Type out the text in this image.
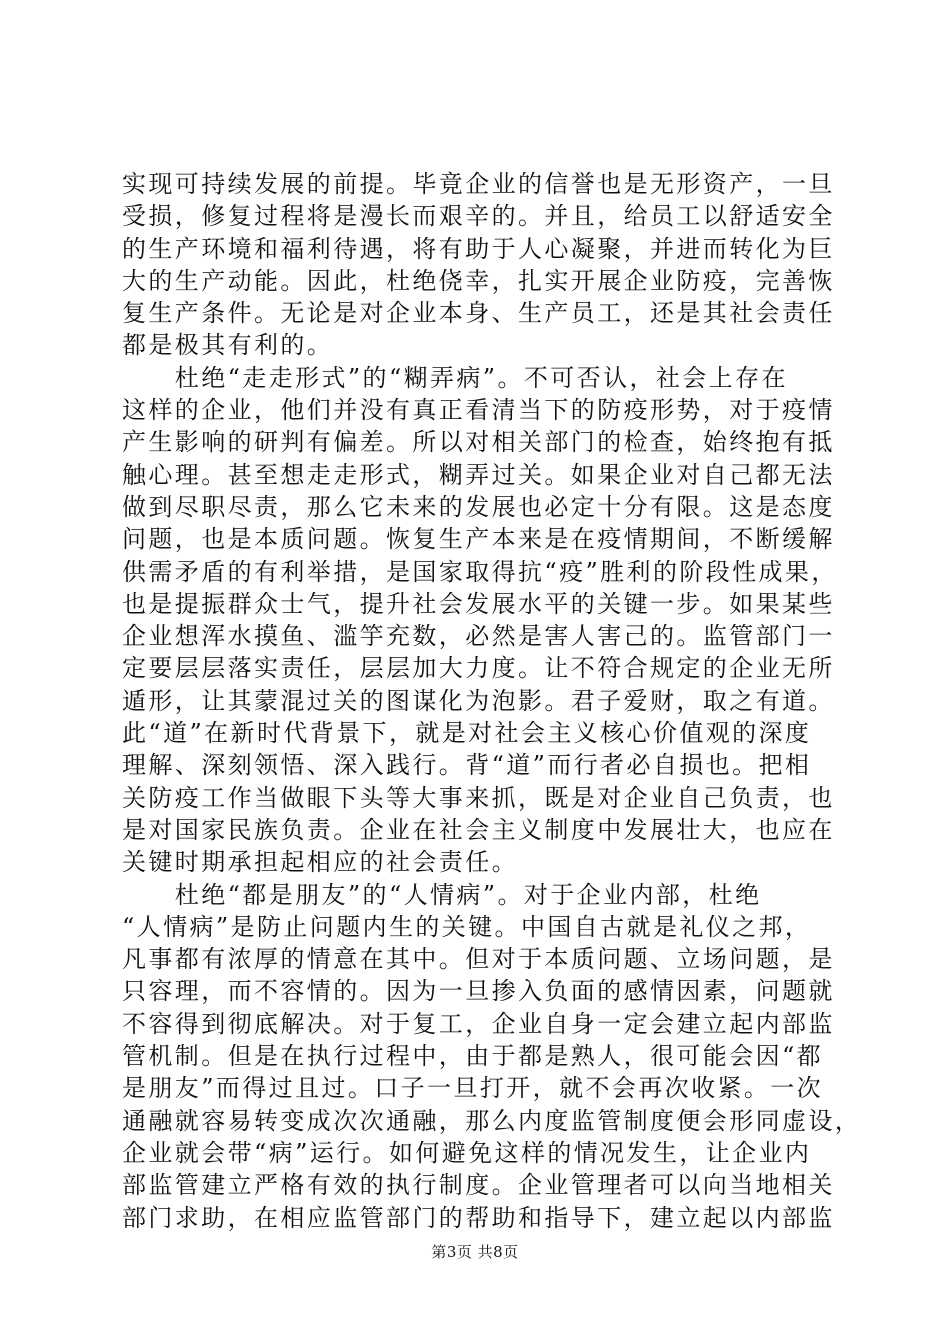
实现可持续发展的前提。毕竟企业的信誉也是无形资产，一旦
受损，修复过程将是漫长而艰辛的。并且，给员工以舒适安全
的生产环境和福利待遇，将有助于人心凝聚，并进而转化为巨
大的生产动能。因此，杜绝侥幸，扎实开展企业防疫，完善恢
复生产条件。无论是对企业本身、生产员工，还是其社会责任
都是极其有利的。
　　杜绝“走走形式”的“糊弄病”。不可否认，社会上存在
这样的企业，他们并没有真正看清当下的防疫形势，对于疫情
产生影响的研判有偏差。所以对相关部门的检查，始终抱有抵
触心理。甚至想走走形式，糊弄过关。如果企业对自己都无法
做到尽职尽责，那么它未来的发展也必定十分有限。这是态度
问题，也是本质问题。恢复生产本来是在疫情期间，不断缓解
供需矛盾的有利举措，是国家取得抗“疫”胜利的阶段性成果，
也是提振群众士气，提升社会发展水平的关键一步。如果某些
企业想浑水摸鱼、滥竽充数，必然是害人害己的。监管部门一
定要层层落实责任，层层加大力度。让不符合规定的企业无所
遁形，让其蒙混过关的图谋化为泡影。君子爱财，取之有道。
此“道”在新时代背景下，就是对社会主义核心价值观的深度
理解、深刻领悟、深入践行。背“道”而行者必自损也。把相
关防疫工作当做眼下头等大事来抓，既是对企业自己负责，也
是对国家民族负责。企业在社会主义制度中发展壮大，也应在
关键时期承担起相应的社会责任。
　　杜绝“都是朋友”的“人情病”。对于企业内部，杜绝
“人情病”是防止问题内生的关键。中国自古就是礼仪之邦，
凡事都有浓厚的情意在其中。但对于本质问题、立场问题，是
只容理，而不容情的。因为一旦掺入负面的感情因素，问题就
不容得到彻底解决。对于复工，企业自身一定会建立起内部监
管机制。但是在执行过程中，由于都是熟人，很可能会因“都
是朋友”而得过且过。口子一旦打开，就不会再次收紧。一次
通融就容易转变成次次通融，那么内度监管制度便会形同虚设，
企业就会带“病”运行。如何避免这样的情况发生，让企业内
部监管建立严格有效的执行制度。企业管理者可以向当地相关
部门求助，在相应监管部门的帮助和指导下，建立起以内部监
第3页 共8页
